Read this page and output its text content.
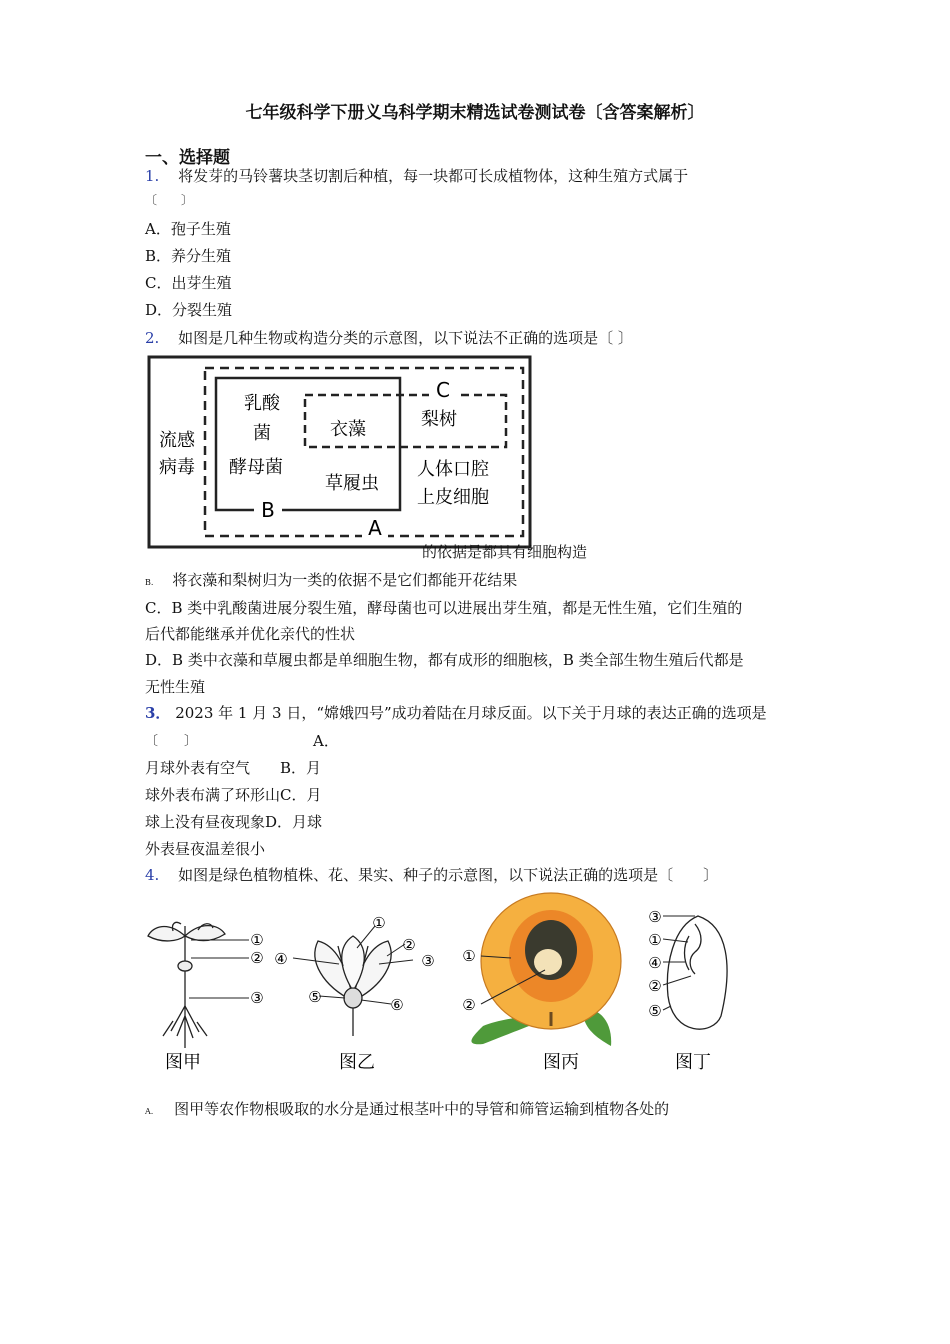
七年级科学下册义乌科学期末精选试卷测试卷〔含答案解析〕
一、选择题
1. 将发芽的马铃薯块茎切割后种植，每一块都可长成植物体，这种生殖方式属于
〔　　〕
A．孢子生殖
B．养分生殖
C．出芽生殖
D．分裂生殖
2. 如图是几种生物或构造分类的示意图，以下说法不正确的选项是〔 〕
流感
病毒
乳酸
菌
酵母菌
衣藻
草履虫
梨树
人体口腔
上皮细胞
B
A
C
的依据是都具有细胞构造
B. 将衣藻和梨树归为一类的依据不是它们都能开花结果
C．B 类中乳酸菌进展分裂生殖，酵母菌也可以进展出芽生殖，都是无性生殖，它们生殖的
后代都能继承并优化亲代的性状
D．B 类中衣藻和草履虫都是单细胞生物，都有成形的细胞核，B 类全部生物生殖后代都是
无性生殖
3． 2023 年 1 月 3 日，“嫦娥四号”成功着陆在月球反面。以下关于月球的表达正确的选项是
〔　　〕	A．
月球外表有空气　　B．月
球外表布满了环形山C．月
球上没有昼夜现象D．月球
外表昼夜温差很小
4. 如图是绿色植物植株、花、果实、种子的示意图，以下说法正确的选项是〔　　〕
①
②
③
图甲
①
②
③
④
⑤	⑥
图乙
①
②
图丙
③
①
④
②
⑤
图丁
A. 图甲等农作物根吸取的水分是通过根茎叶中的导管和筛管运输到植物各处的
